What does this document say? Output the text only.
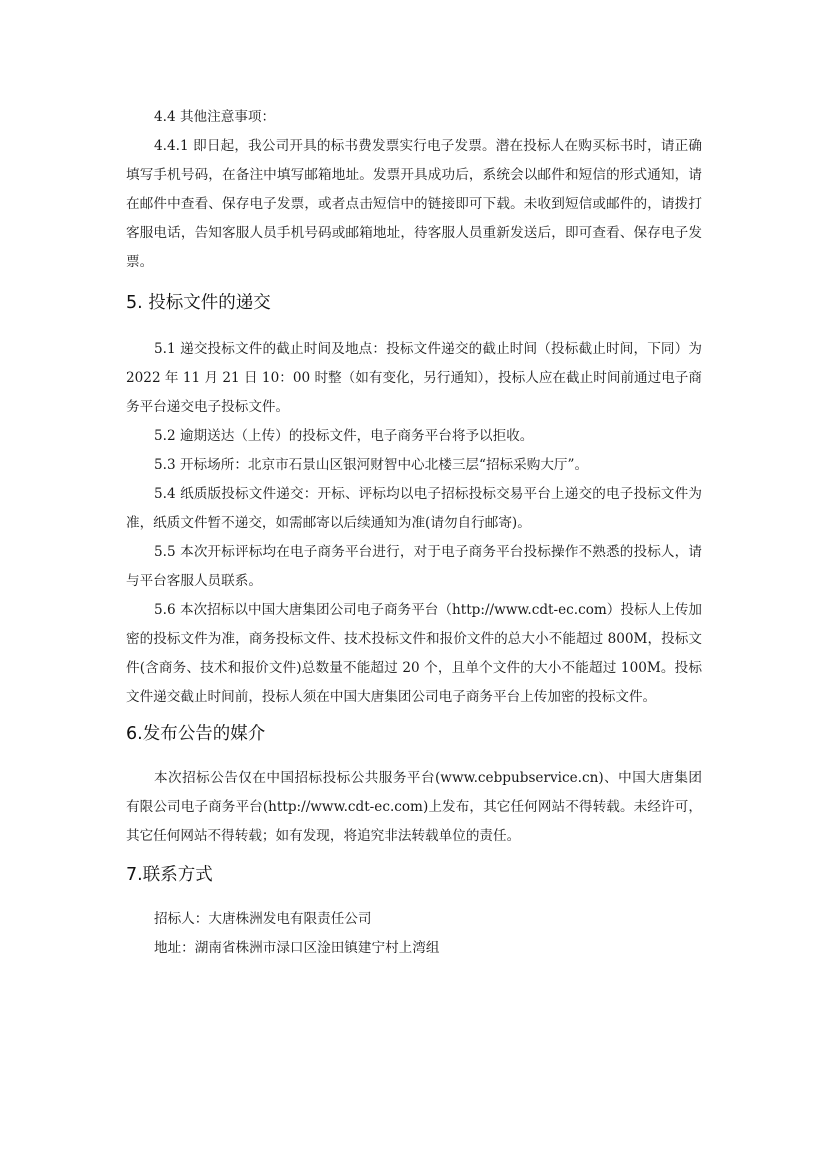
4.4 其他注意事项：

4.4.1 即日起，我公司开具的标书费发票实行电子发票。潜在投标人在购买标书时，请正确填写手机号码，在备注中填写邮箱地址。发票开具成功后，系统会以邮件和短信的形式通知，请在邮件中查看、保存电子发票，或者点击短信中的链接即可下载。未收到短信或邮件的，请拨打客服电话，告知客服人员手机号码或邮箱地址，待客服人员重新发送后，即可查看、保存电子发票。

5. 投标文件的递交

5.1 递交投标文件的截止时间及地点：投标文件递交的截止时间（投标截止时间，下同）为 2022 年 11 月 21 日 10：00 时整（如有变化，另行通知），投标人应在截止时间前通过电子商务平台递交电子投标文件。

5.2 逾期送达（上传）的投标文件，电子商务平台将予以拒收。

5.3 开标场所：北京市石景山区银河财智中心北楼三层“招标采购大厅”。

5.4 纸质版投标文件递交：开标、评标均以电子招标投标交易平台上递交的电子投标文件为准，纸质文件暂不递交，如需邮寄以后续通知为准(请勿自行邮寄)。

5.5 本次开标评标均在电子商务平台进行，对于电子商务平台投标操作不熟悉的投标人，请与平台客服人员联系。

5.6 本次招标以中国大唐集团公司电子商务平台（http://www.cdt-ec.com）投标人上传加密的投标文件为准，商务投标文件、技术投标文件和报价文件的总大小不能超过 800M，投标文件(含商务、技术和报价文件)总数量不能超过 20 个，且单个文件的大小不能超过 100M。投标文件递交截止时间前，投标人须在中国大唐集团公司电子商务平台上传加密的投标文件。

6.发布公告的媒介

本次招标公告仅在中国招标投标公共服务平台(www.cebpubservice.cn)、中国大唐集团有限公司电子商务平台(http://www.cdt-ec.com)上发布，其它任何网站不得转载。未经许可，其它任何网站不得转载；如有发现，将追究非法转载单位的责任。

7.联系方式

招标人：大唐株洲发电有限责任公司

地址：湖南省株洲市渌口区淦田镇建宁村上湾组
